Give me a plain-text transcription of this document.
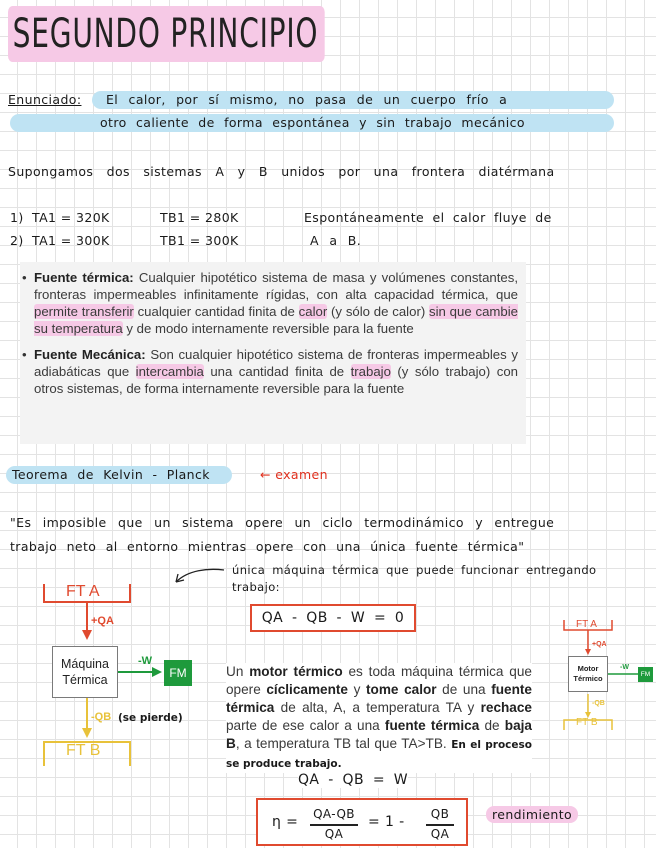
SEGUNDO PRINCIPIO
Enunciado: El calor, por sí mismo, no pasa de un cuerpo frío a
otro caliente de forma espontánea y sin trabajo mecánico
Supongamos dos sistemas A y B unidos por una frontera diatérmana
1) TA1 = 320K	TB1 = 280K
2) TA1 = 300K	TB1 = 300K
Espontáneamente el calor fluye de
A a B.
• Fuente térmica: Cualquier hipotético sistema de masa y volúmenes constantes, fronteras impermeables infinitamente rígidas, con alta capacidad térmica, que permite transferir cualquier cantidad finita de calor (y sólo de calor) sin que cambie su temperatura y de modo internamente reversible para la fuente
• Fuente Mecánica: Son cualquier hipotético sistema de fronteras impermeables y adiabáticas que intercambia una cantidad finita de trabajo (y sólo trabajo) con otros sistemas, de forma internamente reversible para la fuente
Teorema de Kelvin - Planck	← examen
"Es imposible que un sistema opere un ciclo termodinámico y entregue
trabajo neto al entorno mientras opere con una única fuente térmica"
única máquina térmica que puede funcionar entregando
trabajo:
QA - QB - W = 0
FT A
+QA
Máquina
Térmica
-W
FM
-QB (se pierde)
FT B
FT A
+QA
Motor
Térmico
-W
FM
-QB
FT B
Un motor térmico es toda máquina térmica que opere cíclicamente y tome calor de una fuente térmica de alta, A, a temperatura TA y rechace parte de ese calor a una fuente térmica de baja B, a temperatura TB tal que TA>TB. En el proceso se produce trabajo.
QA - QB = W
η = QA-QB
QA
= 1 -	QB
QA
rendimiento
